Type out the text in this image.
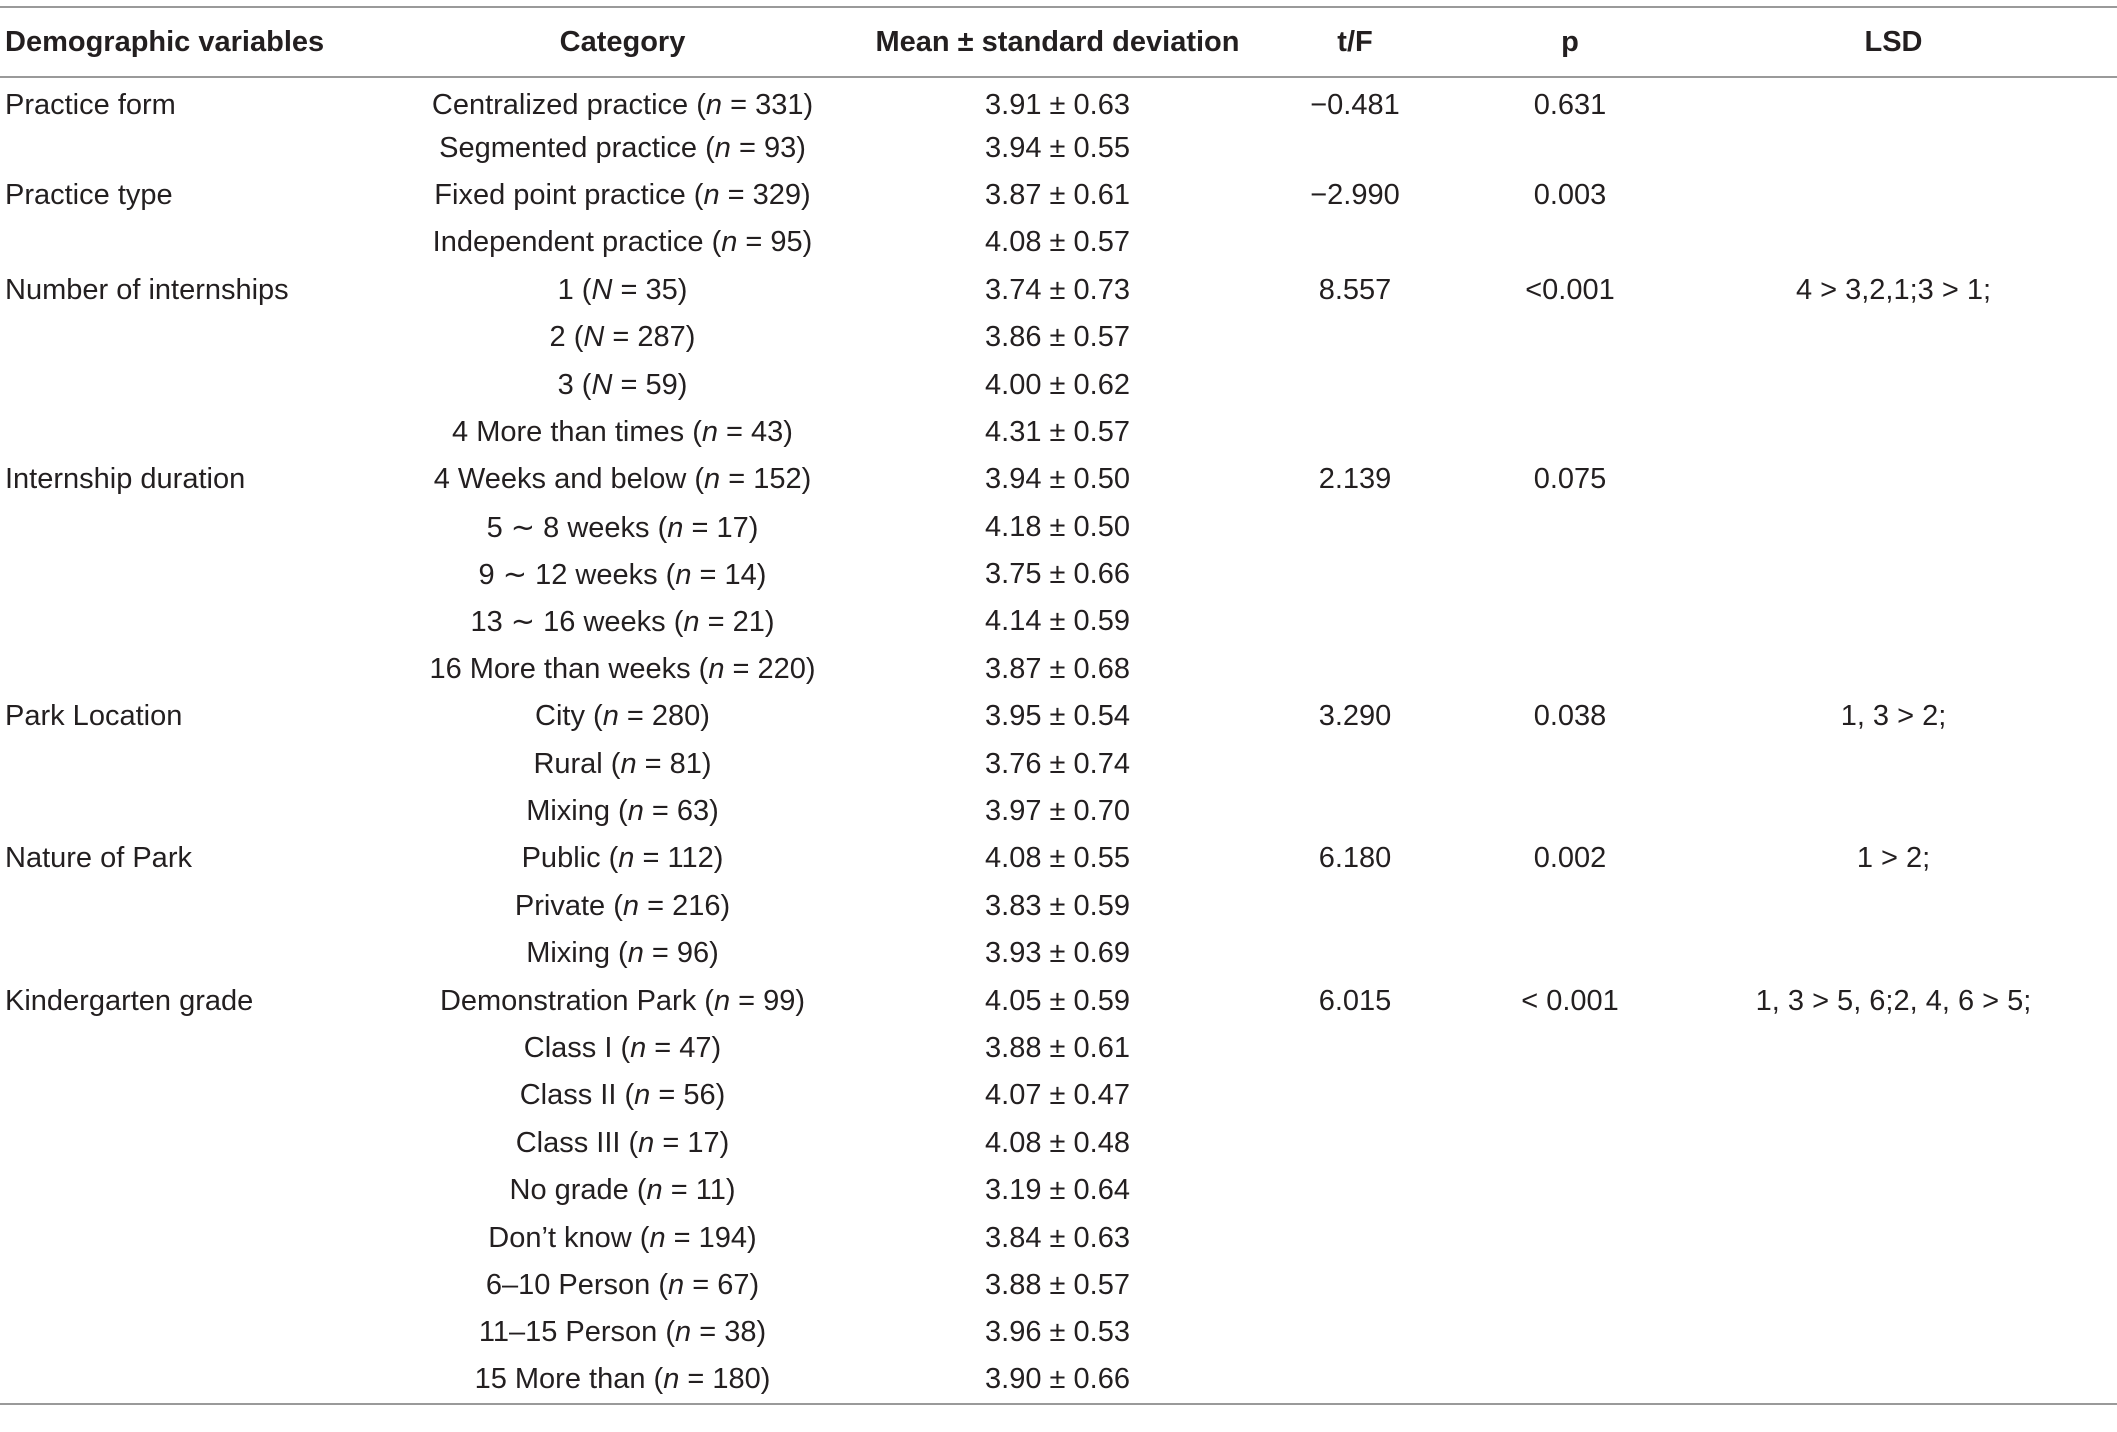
Demographic variables	Category	Mean ± standard deviation	t/F	p	LSD
Practice form	Centralized practice (n = 331)	3.91 ± 0.63	−0.481	0.631	
	Segmented practice (n = 93)	3.94 ± 0.55			
Practice type	Fixed point practice (n = 329)	3.87 ± 0.61	−2.990	0.003	
	Independent practice (n = 95)	4.08 ± 0.57			
Number of internships	1 (N = 35)	3.74 ± 0.73	8.557	<0.001	4 > 3,2,1;3 > 1;
	2 (N = 287)	3.86 ± 0.57			
	3 (N = 59)	4.00 ± 0.62			
	4 More than times (n = 43)	4.31 ± 0.57			
Internship duration	4 Weeks and below (n = 152)	3.94 ± 0.50	2.139	0.075	
	5 ∼ 8 weeks (n = 17)	4.18 ± 0.50			
	9 ∼ 12 weeks (n = 14)	3.75 ± 0.66			
	13 ∼ 16 weeks (n = 21)	4.14 ± 0.59			
	16 More than weeks (n = 220)	3.87 ± 0.68			
Park Location	City (n = 280)	3.95 ± 0.54	3.290	0.038	1, 3 > 2;
	Rural (n = 81)	3.76 ± 0.74			
	Mixing (n = 63)	3.97 ± 0.70			
Nature of Park	Public (n = 112)	4.08 ± 0.55	6.180	0.002	1 > 2;
	Private (n = 216)	3.83 ± 0.59			
	Mixing (n = 96)	3.93 ± 0.69			
Kindergarten grade	Demonstration Park (n = 99)	4.05 ± 0.59	6.015	< 0.001	1, 3 > 5, 6;2, 4, 6 > 5;
	Class I (n = 47)	3.88 ± 0.61			
	Class II (n = 56)	4.07 ± 0.47			
	Class III (n = 17)	4.08 ± 0.48			
	No grade (n = 11)	3.19 ± 0.64			
	Don’t know (n = 194)	3.84 ± 0.63			
	6–10 Person (n = 67)	3.88 ± 0.57			
	11–15 Person (n = 38)	3.96 ± 0.53			
	15 More than (n = 180)	3.90 ± 0.66			
